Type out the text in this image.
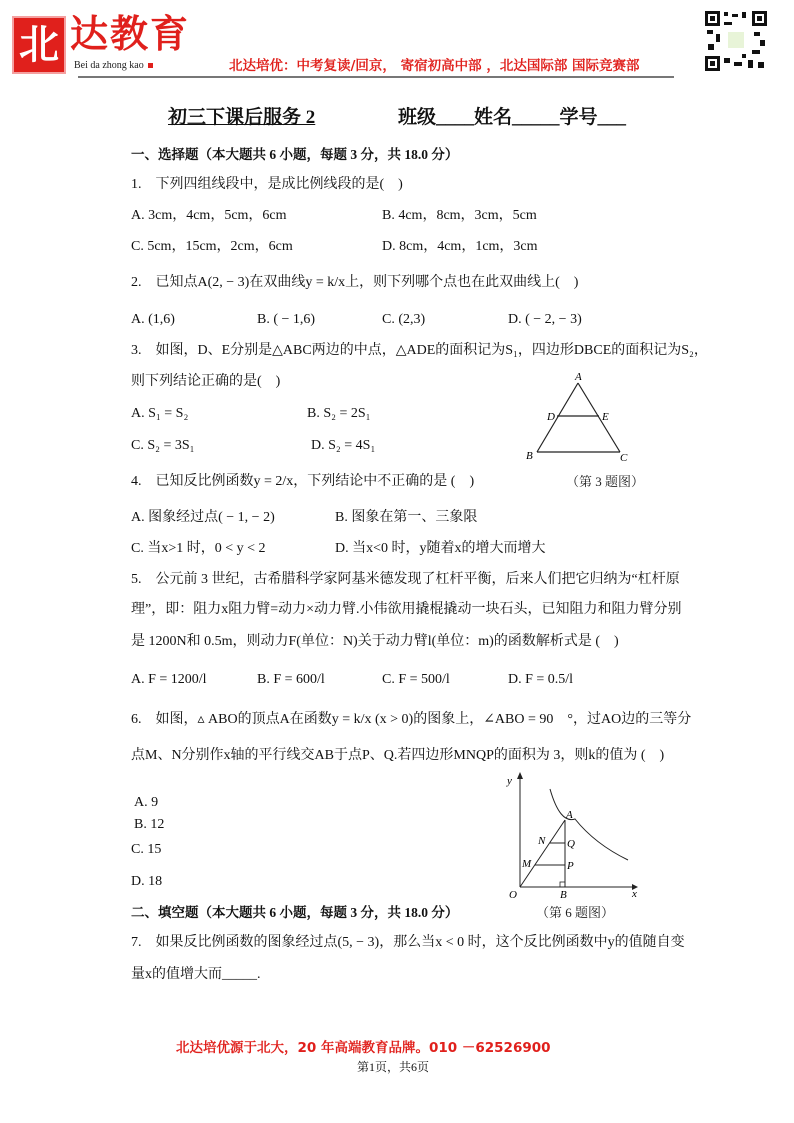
北 达教育
Bei da zhong kao	北达培优：中考复读/回京， 寄宿初高中部 ，北达国际部 国际竞赛部
初三下课后服务 2	班级____姓名_____学号___
一、选择题（本大题共 6 小题，每题 3 分，共 18.0 分）
1.　下列四组线段中，是成比例线段的是(　)
A. 3cm，4cm，5cm，6cm	B. 4cm，8cm，3cm，5cm
C. 5cm，15cm，2cm，6cm	D. 8cm，4cm，1cm，3cm
2.　已知点A(2, − 3)在双曲线y = k/x上，则下列哪个点也在此双曲线上(　)
A. (1,6)	B. ( − 1,6)	C. (2,3)	D. ( − 2, − 3)
3.　如图，D、E分别是△ABC两边的中点，△ADE的面积记为S₁，四边形DBCE的面积记为S₂，
则下列结论正确的是(　)
A. S₁ = S₂	B. S₂ = 2S₁
C. S₂ = 3S₁	D. S₂ = 4S₁
A
D	E
B	C
（第 3 题图）
4.　已知反比例函数y = 2/x，下列结论中不正确的是 (　)
A. 图象经过点( − 1, − 2)	B. 图象在第一、三象限
C. 当x>1 时，0 < y < 2	D. 当x<0 时，y随着x的增大而增大
5.　公元前 3 世纪，古希腊科学家阿基米德发现了杠杆平衡，后来人们把它归纳为“杠杆原
理”，即：阻力x阻力臂=动力×动力臂.小伟欲用撬棍撬动一块石头，已知阻力和阻力臂分别
是 1200N和 0.5m，则动力F(单位：N)关于动力臂l(单位：m)的函数解析式是 (　)
A. F = 1200/l	B. F = 600/l	C. F = 500/l	D. F = 0.5/l
6.　如图，▵ ABO的顶点A在函数y = k/x (x > 0)的图象上，∠ABO = 90　°，过AO边的三等分
点M、N分别作x轴的平行线交AB于点P、Q.若四边形MNQP的面积为 3，则k的值为 (　)
A. 9
B. 12
C. 15
D. 18
y
x
O
A
B
N Q
M	P
（第 6 题图）
二、填空题（本大题共 6 小题，每题 3 分，共 18.0 分）
7.　如果反比例函数的图象经过点(5, − 3)，那么当x < 0 时，这个反比例函数中y的值随自变
量x的值增大而_____.
北达培优源于北大，20 年高端教育品牌。010 －62526900
第1页，共6页
